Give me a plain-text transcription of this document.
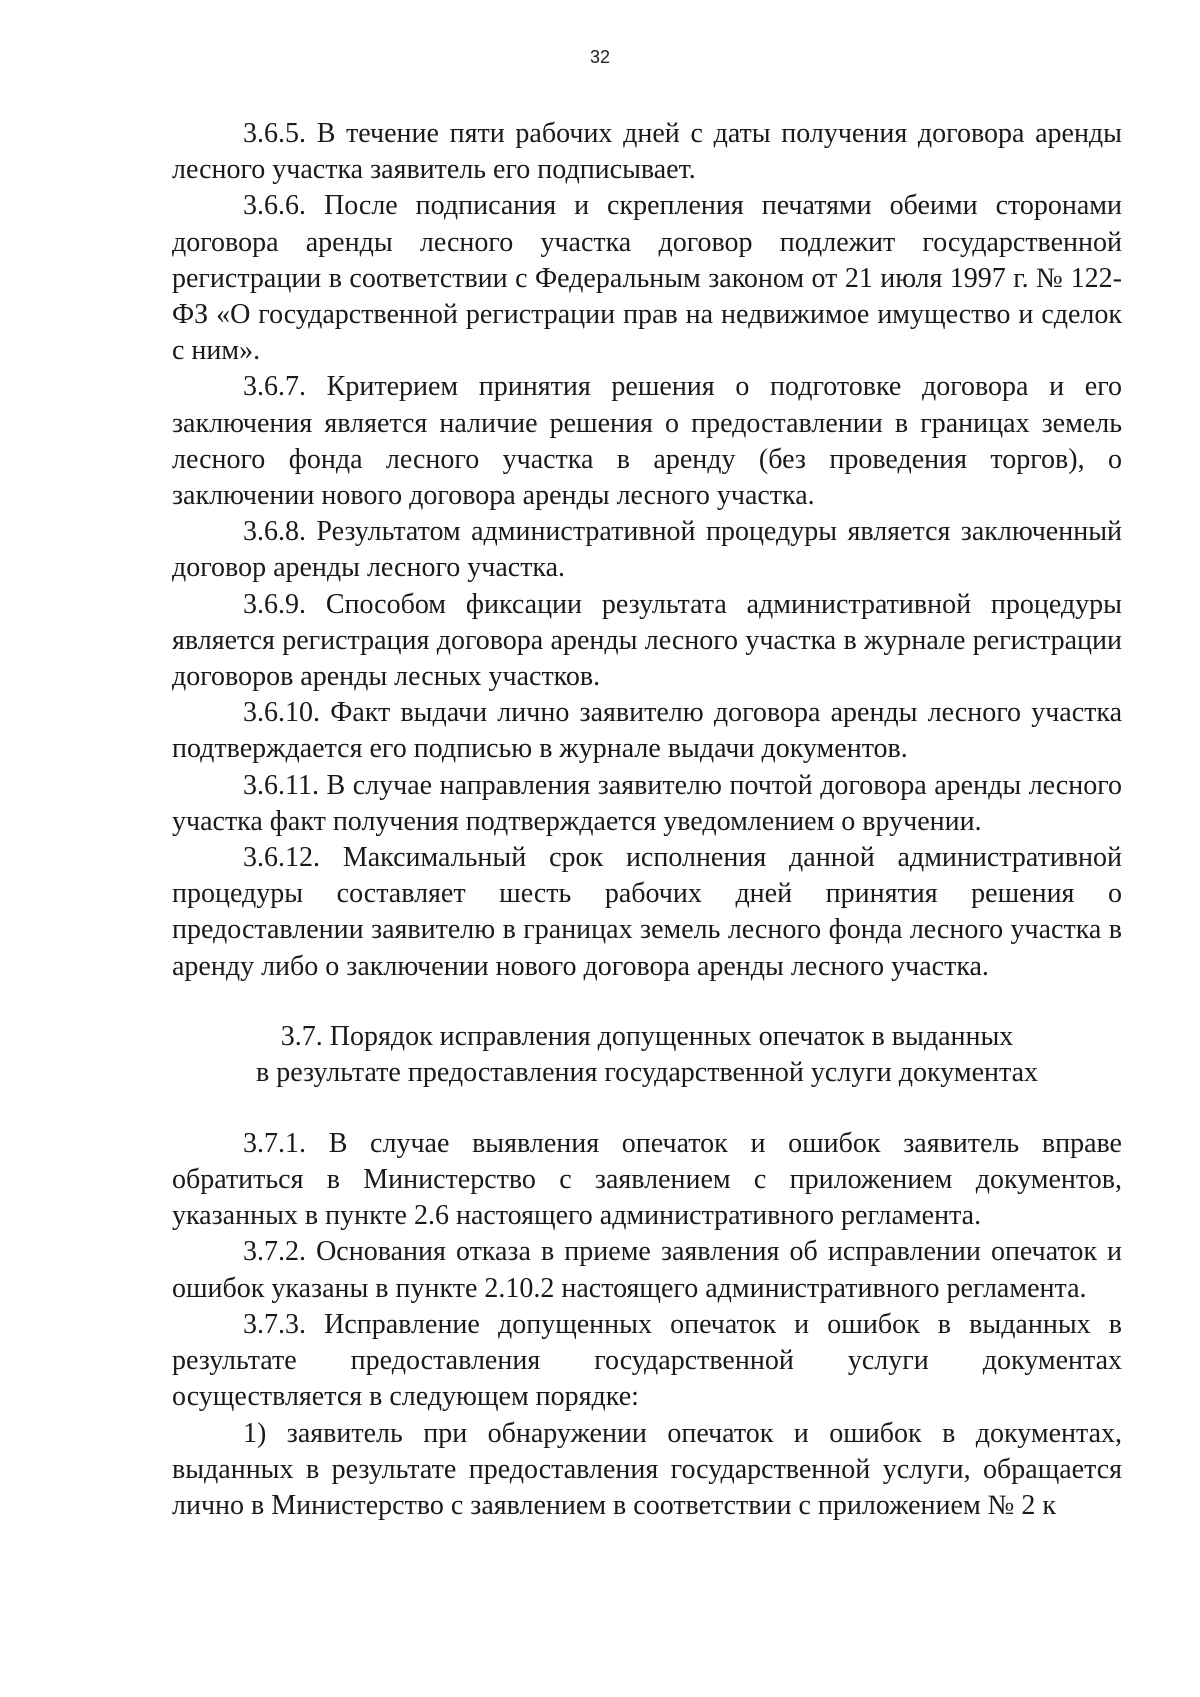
32

3.6.5. В течение пяти рабочих дней с даты получения договора аренды лесного участка заявитель его подписывает.

3.6.6. После подписания и скрепления печатями обеими сторонами договора аренды лесного участка договор подлежит государственной регистрации в соответствии с Федеральным законом от 21 июля 1997 г. № 122-ФЗ «О государственной регистрации прав на недвижимое имущество и сделок с ним».

3.6.7. Критерием принятия решения о подготовке договора и его заключения является наличие решения о предоставлении в границах земель лесного фонда лесного участка в аренду (без проведения торгов), о заключении нового договора аренды лесного участка.

3.6.8. Результатом административной процедуры является заключенный договор аренды лесного участка.

3.6.9. Способом фиксации результата административной процедуры является регистрация договора аренды лесного участка в журнале регистрации договоров аренды лесных участков.

3.6.10. Факт выдачи лично заявителю договора аренды лесного участка подтверждается его подписью в журнале выдачи документов.

3.6.11. В случае направления заявителю почтой договора аренды лесного участка факт получения подтверждается уведомлением о вручении.

3.6.12. Максимальный срок исполнения данной административной процедуры составляет шесть рабочих дней принятия решения о предоставлении заявителю в границах земель лесного фонда лесного участка в аренду либо о заключении нового договора аренды лесного участка.

3.7. Порядок исправления допущенных опечаток в выданных
в результате предоставления государственной услуги документах

3.7.1. В случае выявления опечаток и ошибок заявитель вправе обратиться в Министерство с заявлением с приложением документов, указанных в пункте 2.6 настоящего административного регламента.

3.7.2. Основания отказа в приеме заявления об исправлении опечаток и ошибок указаны в пункте 2.10.2 настоящего административного регламента.

3.7.3. Исправление допущенных опечаток и ошибок в выданных в результате предоставления государственной услуги документах осуществляется в следующем порядке:

1) заявитель при обнаружении опечаток и ошибок в документах, выданных в результате предоставления государственной услуги, обращается лично в Министерство с заявлением в соответствии с приложением № 2 к
